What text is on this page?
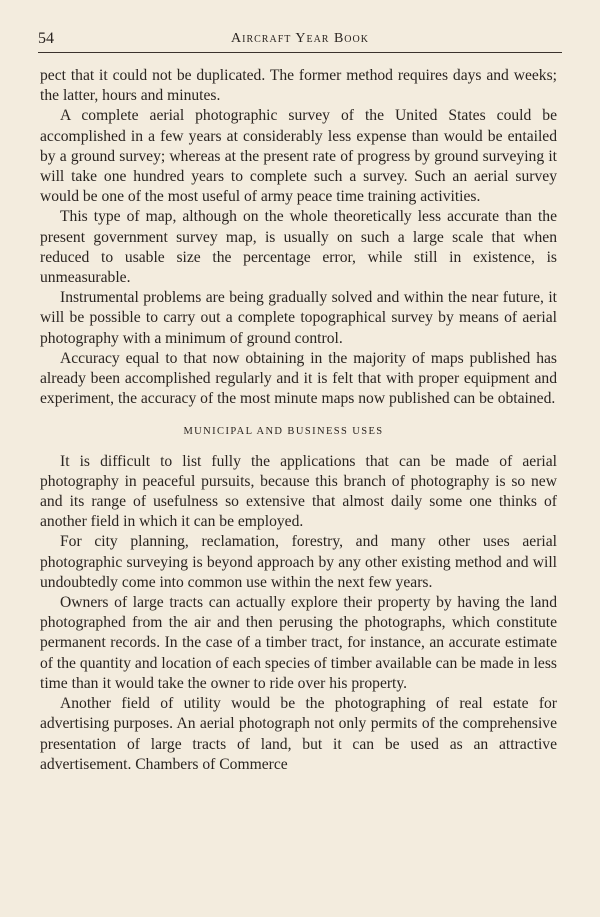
54	Aircraft Year Book

pect that it could not be duplicated. The former method requires days and weeks; the latter, hours and minutes.

A complete aerial photographic survey of the United States could be accomplished in a few years at considerably less expense than would be entailed by a ground survey; whereas at the present rate of progress by ground surveying it will take one hundred years to complete such a survey. Such an aerial survey would be one of the most useful of army peace time training activities.

This type of map, although on the whole theoretically less accurate than the present government survey map, is usually on such a large scale that when reduced to usable size the percentage error, while still in existence, is unmeasurable.

Instrumental problems are being gradually solved and within the near future, it will be possible to carry out a complete topographical survey by means of aerial photography with a minimum of ground control.

Accuracy equal to that now obtaining in the majority of maps published has already been accomplished regularly and it is felt that with proper equipment and experiment, the accuracy of the most minute maps now published can be obtained.

MUNICIPAL AND BUSINESS USES

It is difficult to list fully the applications that can be made of aerial photography in peaceful pursuits, because this branch of photography is so new and its range of usefulness so extensive that almost daily some one thinks of another field in which it can be employed.

For city planning, reclamation, forestry, and many other uses aerial photographic surveying is beyond approach by any other existing method and will undoubtedly come into common use within the next few years.

Owners of large tracts can actually explore their property by having the land photographed from the air and then perusing the photographs, which constitute permanent records. In the case of a timber tract, for instance, an accurate estimate of the quantity and location of each species of timber available can be made in less time than it would take the owner to ride over his property.

Another field of utility would be the photographing of real estate for advertising purposes. An aerial photograph not only permits of the comprehensive presentation of large tracts of land, but it can be used as an attractive advertisement. Chambers of Commerce
